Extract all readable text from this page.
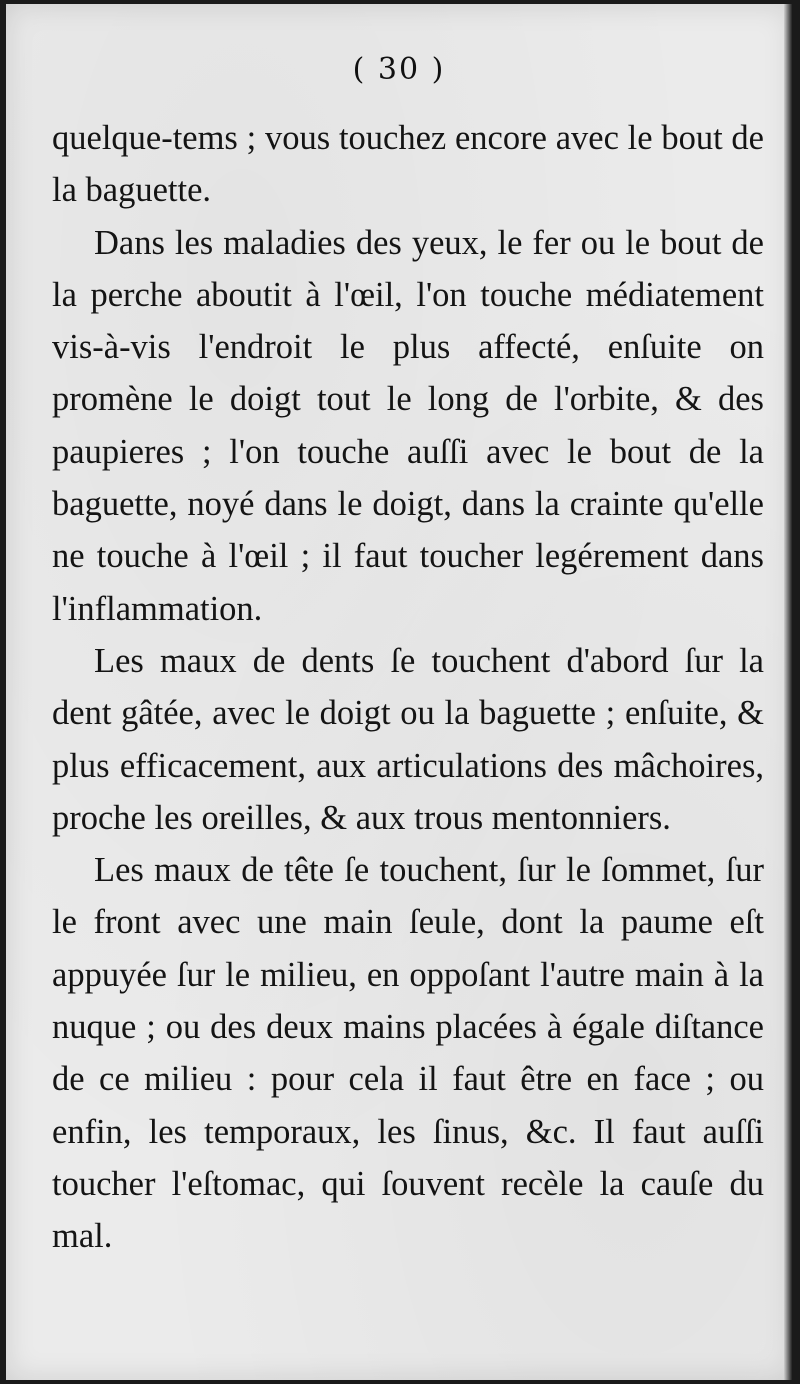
( 30 )

quelque-tems ; vous touchez encore avec le bout de la baguette.

Dans les maladies des yeux, le fer ou le bout de la perche aboutit à l'œil, l'on touche médiatement vis-à-vis l'endroit le plus affecté, enſuite on promène le doigt tout le long de l'orbite, & des paupieres ; l'on touche auſſi avec le bout de la baguette, noyé dans le doigt, dans la crainte qu'elle ne touche à l'œil ; il faut toucher legérement dans l'inflammation.

Les maux de dents ſe touchent d'abord ſur la dent gâtée, avec le doigt ou la baguette ; enſuite, & plus efficacement, aux articulations des mâchoires, proche les oreilles, & aux trous mentonniers.

Les maux de tête ſe touchent, ſur le ſommet, ſur le front avec une main ſeule, dont la paume eſt appuyée ſur le milieu, en oppoſant l'autre main à la nuque ; ou des deux mains placées à égale diſtance de ce milieu : pour cela il faut être en face ; ou enfin, les temporaux, les ſinus, &c. Il faut auſſi toucher l'eſtomac, qui ſouvent recèle la cauſe du mal.
